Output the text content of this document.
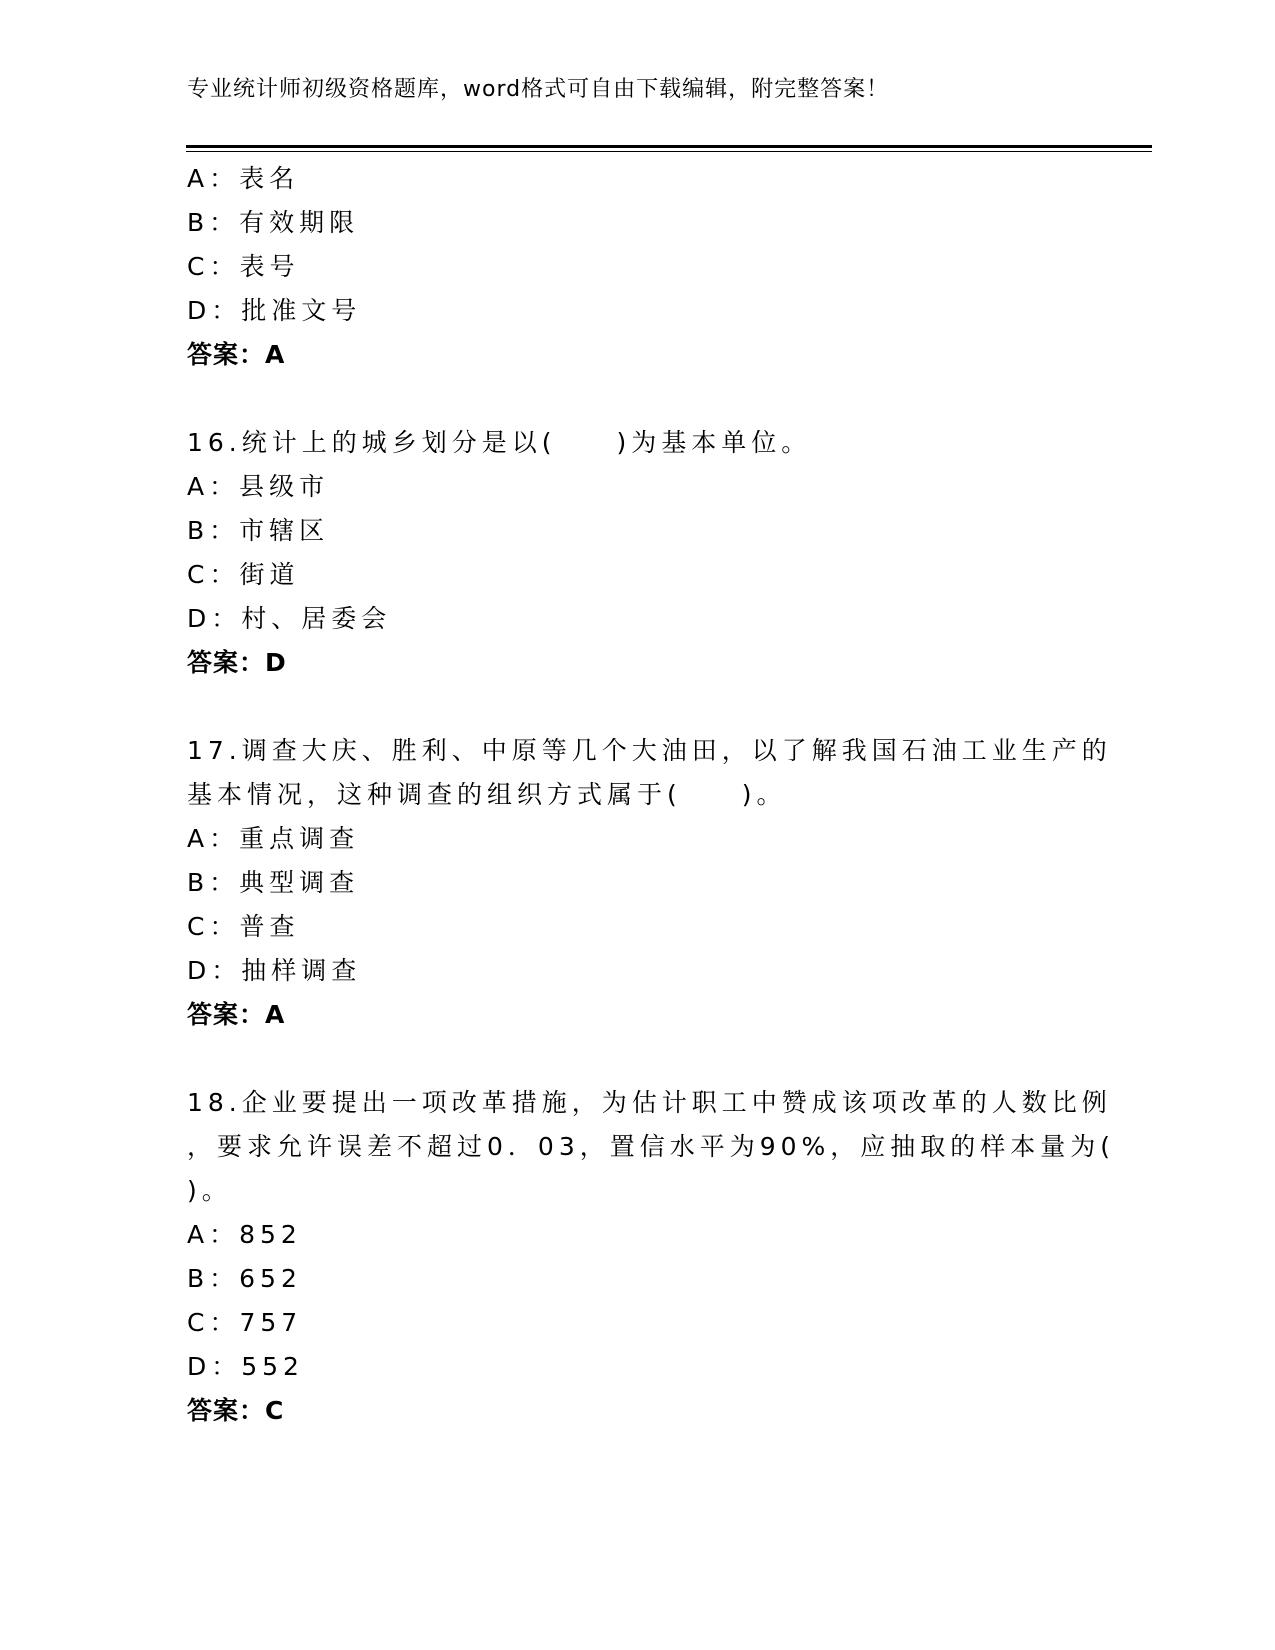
专业统计师初级资格题库，word格式可自由下载编辑，附完整答案！
A：表名
B：有效期限
C：表号
D：批准文号
答案：A
16.统计上的城乡划分是以(　　)为基本单位。
A：县级市
B：市辖区
C：街道
D：村、居委会
答案：D
17.调查大庆、胜利、中原等几个大油田，以了解我国石油工业生产的
基本情况，这种调查的组织方式属于(　　)。
A：重点调查
B：典型调查
C：普查
D：抽样调查
答案：A
18.企业要提出一项改革措施，为估计职工中赞成该项改革的人数比例
，要求允许误差不超过0．03，置信水平为90%，应抽取的样本量为(
)。
A：852
B：652
C：757
D：552
答案：C
